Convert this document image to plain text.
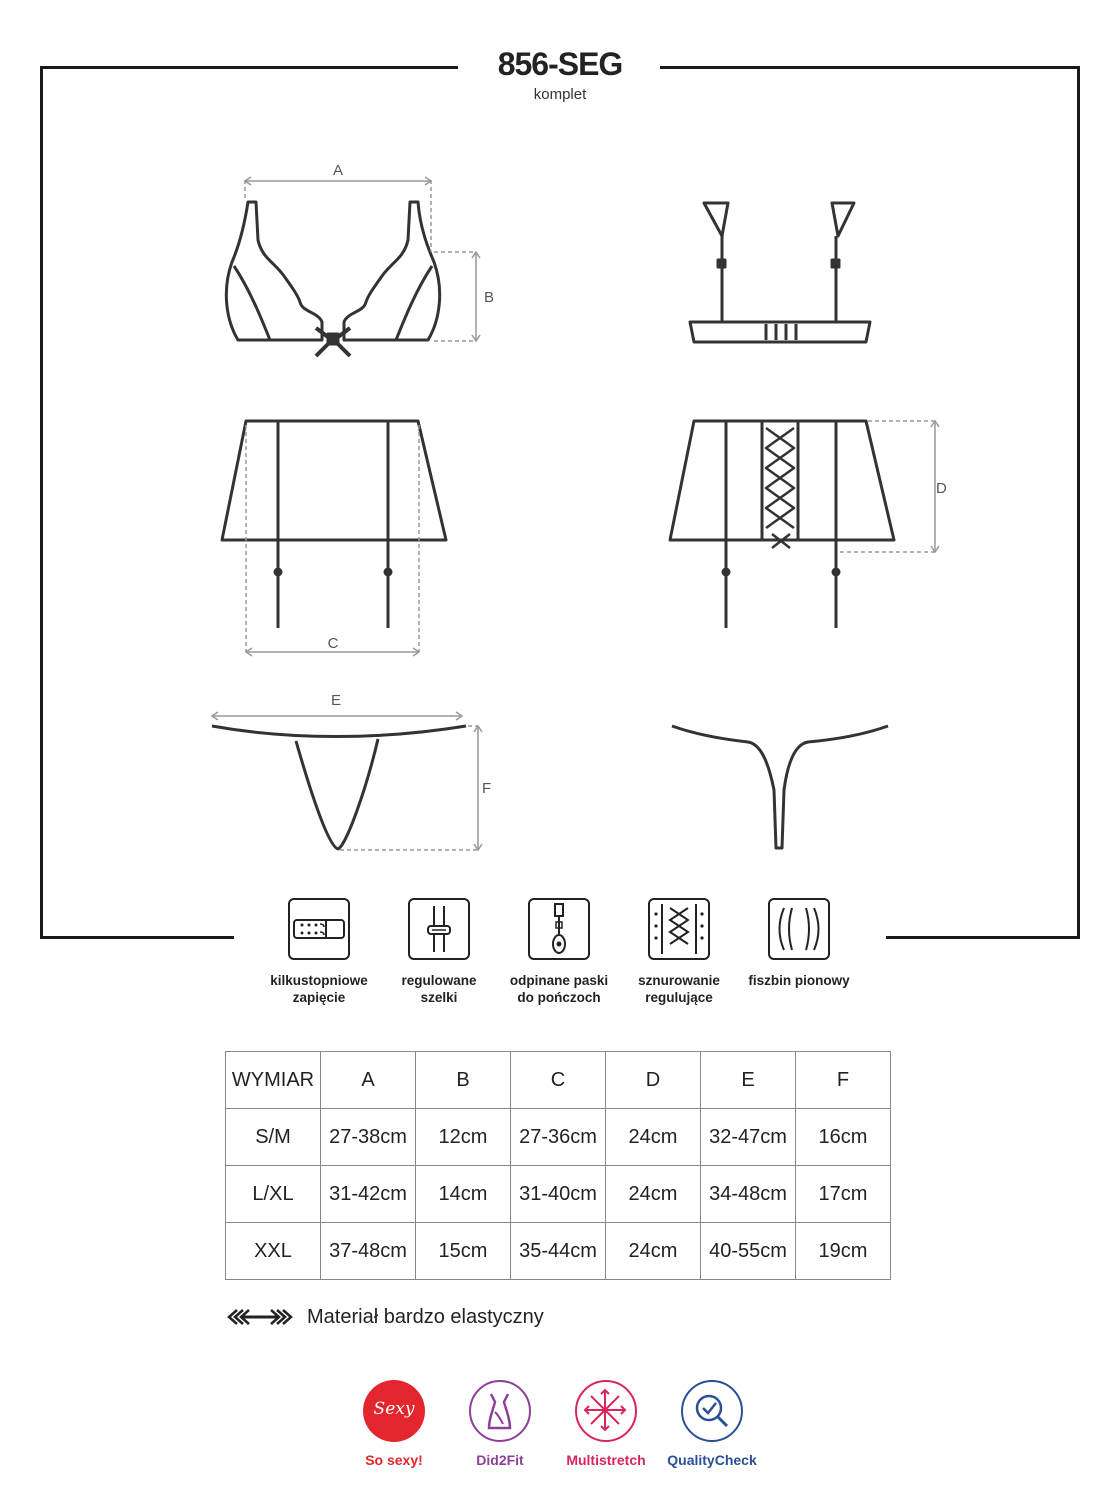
856-SEG
komplet
A
B
C
D
E
F
kilkustopniowe
zapięcie
regulowane
szelki
odpinane paski
do pończoch
sznurowanie
regulujące
fiszbin pionowy
WYMIAR	A	B	C	D	E	F
S/M	27-38cm	12cm	27-36cm	24cm	32-47cm	16cm
L/XL	31-42cm	14cm	31-40cm	24cm	34-48cm	17cm
XXL	37-48cm	15cm	35-44cm	24cm	40-55cm	19cm
Materiał bardzo elastyczny
Sexy
So sexy!	Did2Fit	Multistretch	QualityCheck
